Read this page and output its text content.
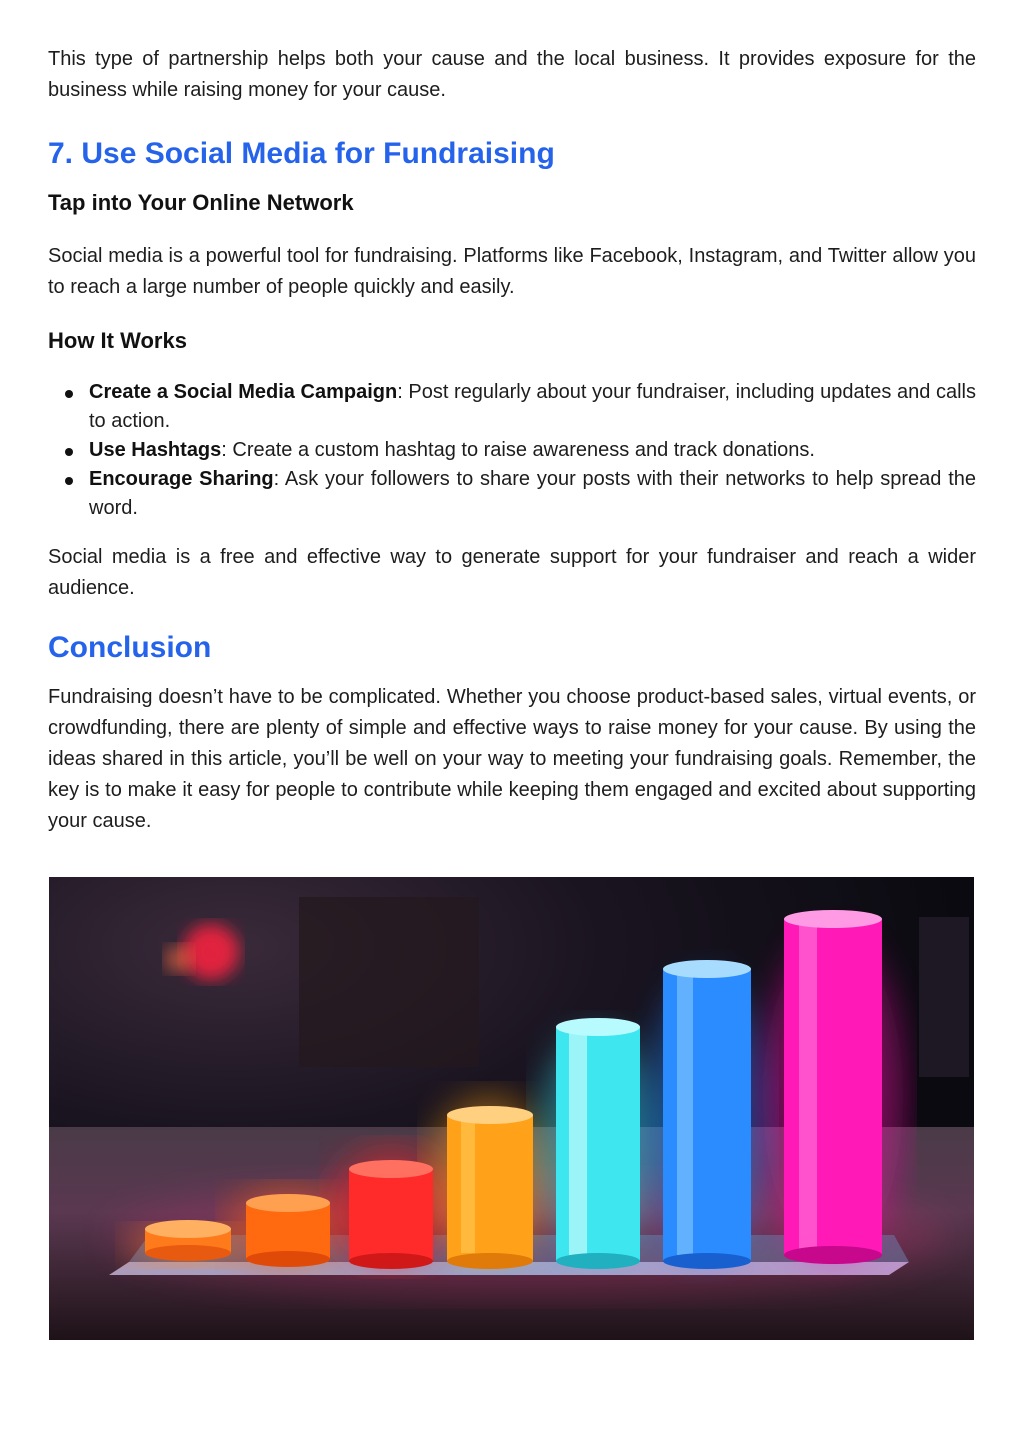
This type of partnership helps both your cause and the local business. It provides exposure for the business while raising money for your cause.

7. Use Social Media for Fundraising
Tap into Your Online Network

Social media is a powerful tool for fundraising. Platforms like Facebook, Instagram, and Twitter allow you to reach a large number of people quickly and easily.

How It Works
Create a Social Media Campaign: Post regularly about your fundraiser, including updates and calls to action.
Use Hashtags: Create a custom hashtag to raise awareness and track donations.
Encourage Sharing: Ask your followers to share your posts with their networks to help spread the word.

Social media is a free and effective way to generate support for your fundraiser and reach a wider audience.

Conclusion

Fundraising doesn’t have to be complicated. Whether you choose product-based sales, virtual events, or crowdfunding, there are plenty of simple and effective ways to raise money for your cause. By using the ideas shared in this article, you’ll be well on your way to meeting your fundraising goals. Remember, the key is to make it easy for people to contribute while keeping them engaged and excited about supporting your cause.
